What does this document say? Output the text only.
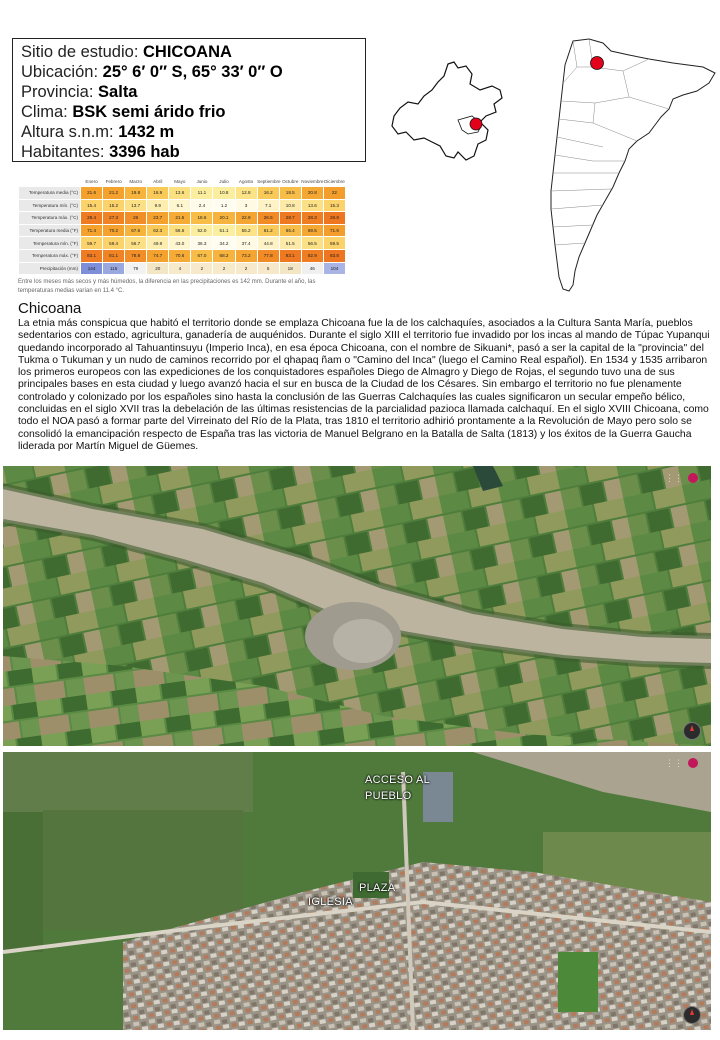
Sitio de estudio: CHICOANA
Ubicación: 25° 6′ 0″ S, 65° 33′ 0″ O
Provincia: Salta
Clima: BSK semi árido frio
Altura s.n.m: 1432 m
Habitantes: 3396 hab
	Enero	Febrero	Marzo	Abril	Mayo	Junio	Julio	Agosto	Septiembre	Octubre	Noviembre	Diciembre
Temperatura media (°C)	21.6	21.2	19.8	16.9	13.6	11.1	10.8	12.8	16.2	18.5	20.8	22
Temperatura mín. (°C)	15.4	15.2	13.7	9.9	6.1	2.4	1.2	3	7.1	10.8	13.6	15.3
Temperatura máx. (°C)	28.4	27.3	26	23.7	21.5	18.6	20.1	22.9	26.5	28.7	28.3	28.8
Temperatura media (°F)	71.4	70.2	67.6	62.3	56.6	52.0	51.1	55.2	61.2	65.4	69.5	71.6
Temperatura mín. (°F)	59.7	59.4	56.7	49.9	43.0	36.3	34.2	37.4	44.8	51.5	56.5	59.5
Temperatura máx. (°F)	83.1	81.1	78.8	74.7	70.6	67.0	68.2	73.2	77.8	83.1	82.9	83.8
Precipitación (mm)	144	115	79	20	4	2	2	2	5	18	46	104
Entre los meses más secos y más húmedos, la diferencia en las precipitaciones es 142 mm. Durante el año, las temperaturas medias varían en 11.4 °C.
Chicoana

La etnia más conspicua que habitó el territorio donde se emplaza Chicoana fue la de los calchaquíes, asociados a la Cultura Santa María, pueblos sedentarios con estado, agricultura, ganadería de auquénidos. Durante el siglo XIII el territorio fue invadido por los incas al mando de Túpac Yupanqui quedando incorporado al Tahuantinsuyu (Imperio Inca), en esa época Chicoana, con el nombre de Sikuani*, pasó a ser la capital de la "provincia" del Tukma o Tukuman y un nudo de caminos recorrido por el qhapaq ñam o "Camino del Inca" (luego el Camino Real español). En 1534 y 1535 arribaron los primeros europeos con las expediciones de los conquistadores españoles Diego de Almagro y Diego de Rojas, el segundo tuvo una de sus principales bases en esta ciudad y luego avanzó hacia el sur en busca de la Ciudad de los Césares. Sin embargo el territorio no fue plenamente controlado y colonizado por los españoles sino hasta la conclusión de las Guerras Calchaquíes las cuales significaron un secular empeño bélico, concluidas en el siglo XVII tras la debelación de las últimas resistencias de la parcialidad pazioca llamada calchaquí. En el siglo XVIII Chicoana, como todo el NOA pasó a formar parte del Virreinato del Río de la Plata, tras 1810 el territorio adhirió prontamente a la Revolución de Mayo pero solo se consolidó la emancipación respecto de España tras las victoria de Manuel Belgrano en la Batalla de Salta (1813) y los éxitos de la Guerra Gaucha liderada por Martín Miguel de Güemes.

⋮⋮
ACCESO AL
PUEBLO
PLAZA
IGLESIA
⋮⋮
